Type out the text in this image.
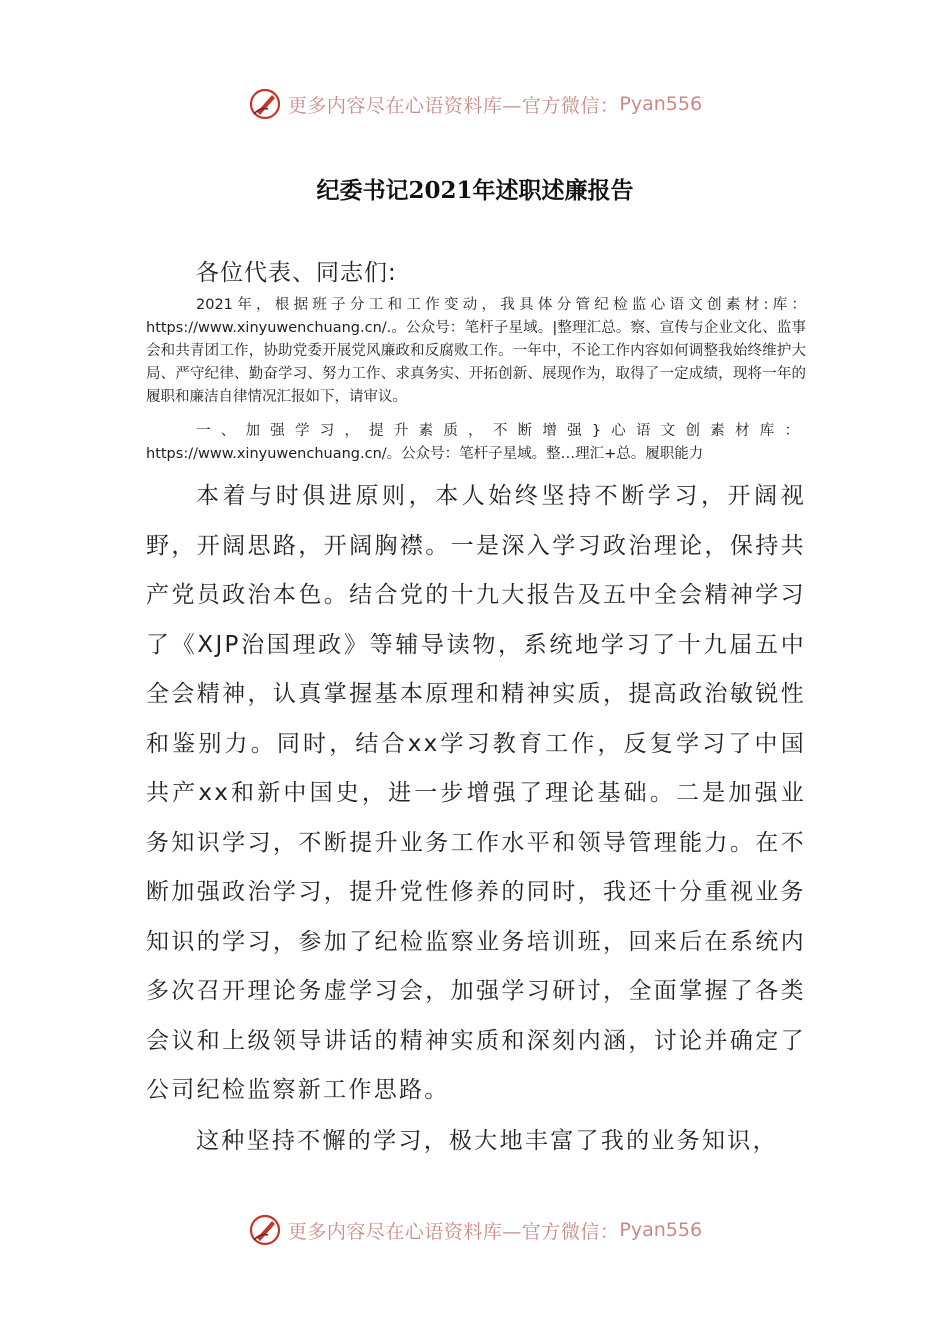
更多内容尽在心语资料库—官方微信： Pyan556
纪委书记2021年述职述廉报告
各位代表、同志们:
2021年，根据班子分工和工作变动，我具体分管纪检监心语文创素材:库：https://www.xinyuwenchuang.cn/.。公众号：笔杆子星域。|整理汇总。察、宣传与企业文化、监事会和共青团工作，协助党委开展党风廉政和反腐败工作。一年中，不论工作内容如何调整我始终维护大局、严守纪律、勤奋学习、努力工作、求真务实、开拓创新、展现作为，取得了一定成绩，现将一年的履职和廉洁自律情况汇报如下，请审议。
一、加强学习，提升素质，不断增强}心语文创素材库：https://www.xinyuwenchuang.cn/。公众号：笔杆子星域。整…理汇+总。履职能力
本着与时俱进原则，本人始终坚持不断学习，开阔视野，开阔思路，开阔胸襟。一是深入学习政治理论，保持共产党员政治本色。结合党的十九大报告及五中全会精神学习了《XJP治国理政》等辅导读物，系统地学习了十九届五中全会精神，认真掌握基本原理和精神实质，提高政治敏锐性和鉴别力。同时，结合xx学习教育工作，反复学习了中国共产xx和新中国史，进一步增强了理论基础。二是加强业务知识学习，不断提升业务工作水平和领导管理能力。在不断加强政治学习，提升党性修养的同时，我还十分重视业务知识的学习，参加了纪检监察业务培训班，回来后在系统内多次召开理论务虚学习会，加强学习研讨，全面掌握了各类会议和上级领导讲话的精神实质和深刻内涵，讨论并确定了公司纪检监察新工作思路。
这种坚持不懈的学习，极大地丰富了我的业务知识，
更多内容尽在心语资料库—官方微信： Pyan556
